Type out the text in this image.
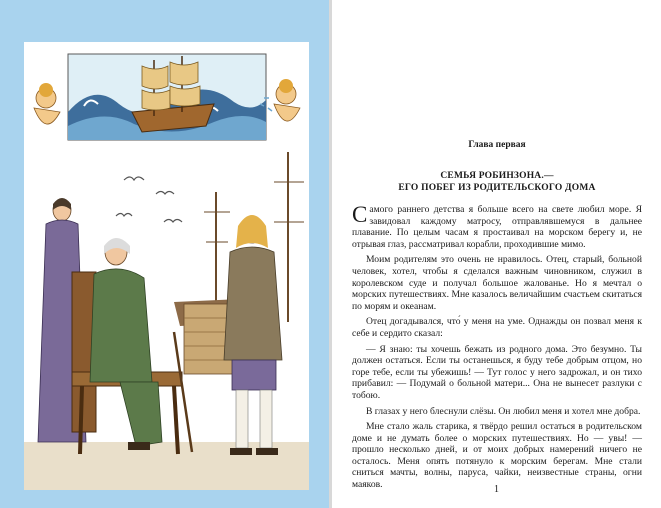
Глава первая

СЕМЬЯ РОБИНЗОНА.—
ЕГО ПОБЕГ ИЗ РОДИТЕЛЬСКОГО ДОМА

Самого раннего детства я больше всего на свете любил море. Я завидовал каждому матросу, отправлявшемуся в дальнее плавание. По целым часам я простаивал на морском берегу и, не отрывая глаз, рассматривал корабли, проходившие мимо.

Моим родителям это очень не нравилось. Отец, старый, больной человек, хотел, чтобы я сделался важным чиновником, служил в королевском суде и получал большое жалованье. Но я мечтал о морских путешествиях. Мне казалось величайшим счастьем скитаться по морям и океанам.

Отец догадывался, что́ у меня на уме. Однажды он позвал меня к себе и сердито сказал:

— Я знаю: ты хочешь бежать из родного дома. Это безумно. Ты должен остаться. Если ты останешься, я буду тебе добрым отцом, но горе тебе, если ты убежишь! — Тут голос у него задрожал, и он тихо прибавил: — Подумай о больной матери... Она не вынесет разлуки с тобою.

В глазах у него блеснули слёзы. Он любил меня и хотел мне добра.

Мне стало жаль старика, я твёрдо решил остаться в родительском доме и не думать более о морских путешествиях. Но — увы! — прошло несколько дней, и от моих добрых намерений ничего не осталось. Меня опять потянуло к морским берегам. Мне стали сниться мачты, волны, паруса, чайки, неизвестные страны, огни маяков.	1
